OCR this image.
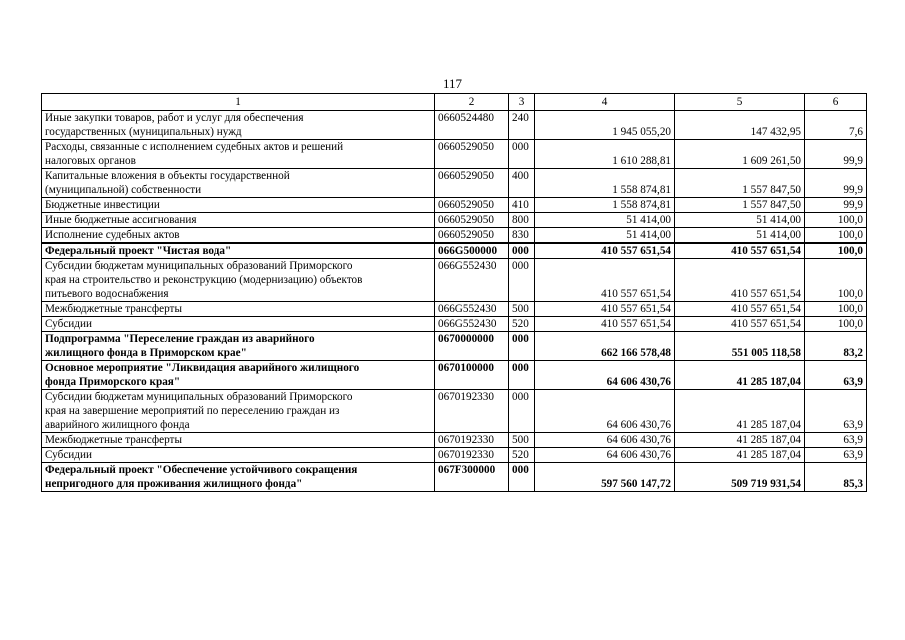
117
1	2	3	4	5	6

Иные закупки товаров, работ и услуг для обеспечения
государственных (муниципальных) нужд	0660524480	240	1 945 055,20	147 432,95	7,6

Расходы, связанные с исполнением судебных актов и решений
налоговых органов	0660529050	000	1 610 288,81	1 609 261,50	99,9

Капитальные вложения в объекты государственной
(муниципальной) собственности	0660529050	400	1 558 874,81	1 557 847,50	99,9

Бюджетные инвестиции	0660529050	410	1 558 874,81	1 557 847,50	99,9

Иные бюджетные ассигнования	0660529050	800	51 414,00	51 414,00	100,0

Исполнение судебных актов	0660529050	830	51 414,00	51 414,00	100,0

Федеральный проект "Чистая вода"	066G500000	000	410 557 651,54	410 557 651,54	100,0

Субсидии бюджетам муниципальных образований Приморского
края на строительство и реконструкцию (модернизацию) объектов
питьевого водоснабжения	066G552430	000	410 557 651,54	410 557 651,54	100,0

Межбюджетные трансферты	066G552430	500	410 557 651,54	410 557 651,54	100,0

Субсидии	066G552430	520	410 557 651,54	410 557 651,54	100,0

Подпрограмма "Переселение граждан из аварийного
жилищного фонда в Приморском крае"	0670000000	000	662 166 578,48	551 005 118,58	83,2

Основное мероприятие "Ликвидация аварийного жилищного
фонда Приморского края"	0670100000	000	64 606 430,76	41 285 187,04	63,9

Субсидии бюджетам муниципальных образований Приморского
края на завершение мероприятий по переселению граждан из
аварийного жилищного фонда	0670192330	000	64 606 430,76	41 285 187,04	63,9

Межбюджетные трансферты	0670192330	500	64 606 430,76	41 285 187,04	63,9

Субсидии	0670192330	520	64 606 430,76	41 285 187,04	63,9

Федеральный проект "Обеспечение устойчивого сокращения
непригодного для проживания жилищного фонда"	067F300000	000	597 560 147,72	509 719 931,54	85,3
